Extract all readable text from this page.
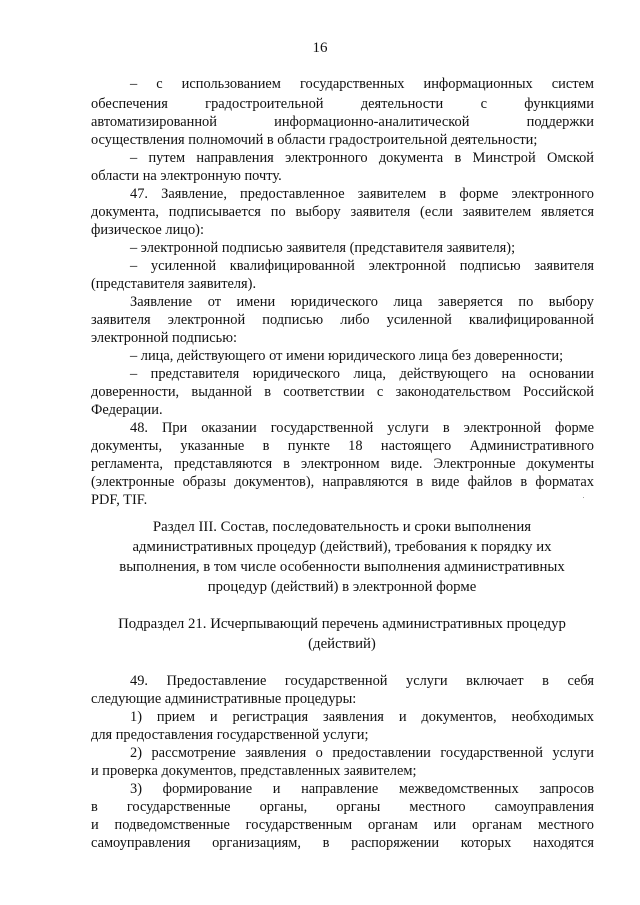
16
– с использованием государственных информационных систем
обеспечения градостроительной деятельности с функциями
автоматизированной информационно-аналитической поддержки
осуществления полномочий в области градостроительной деятельности;
– путем направления электронного документа в Минстрой Омской
области на электронную почту.
47. Заявление, предоставленное заявителем в форме электронного
документа, подписывается по выбору заявителя (если заявителем является
физическое лицо):
– электронной подписью заявителя (представителя заявителя);
– усиленной квалифицированной электронной подписью заявителя
(представителя заявителя).
Заявление от имени юридического лица заверяется по выбору
заявителя электронной подписью либо усиленной квалифицированной
электронной подписью:
– лица, действующего от имени юридического лица без доверенности;
– представителя юридического лица, действующего на основании
доверенности, выданной в соответствии с законодательством Российской
Федерации.
48. При оказании государственной услуги в электронной форме
документы, указанные в пункте 18 настоящего Административного
регламента, представляются в электронном виде. Электронные документы
(электронные образы документов), направляются в виде файлов в форматах
PDF, TIF.
Раздел III. Состав, последовательность и сроки выполнения
административных процедур (действий), требования к порядку их
выполнения, в том числе особенности выполнения административных
процедур (действий) в электронной форме
Подраздел 21. Исчерпывающий перечень административных процедур
(действий)
49. Предоставление государственной услуги включает в себя
следующие административные процедуры:
1) прием и регистрация заявления и документов, необходимых
для предоставления государственной услуги;
2) рассмотрение заявления о предоставлении государственной услуги
и проверка документов, представленных заявителем;
3) формирование и направление межведомственных запросов
в государственные органы, органы местного самоуправления
и подведомственные государственным органам или органам местного
самоуправления организациям, в распоряжении которых находятся
